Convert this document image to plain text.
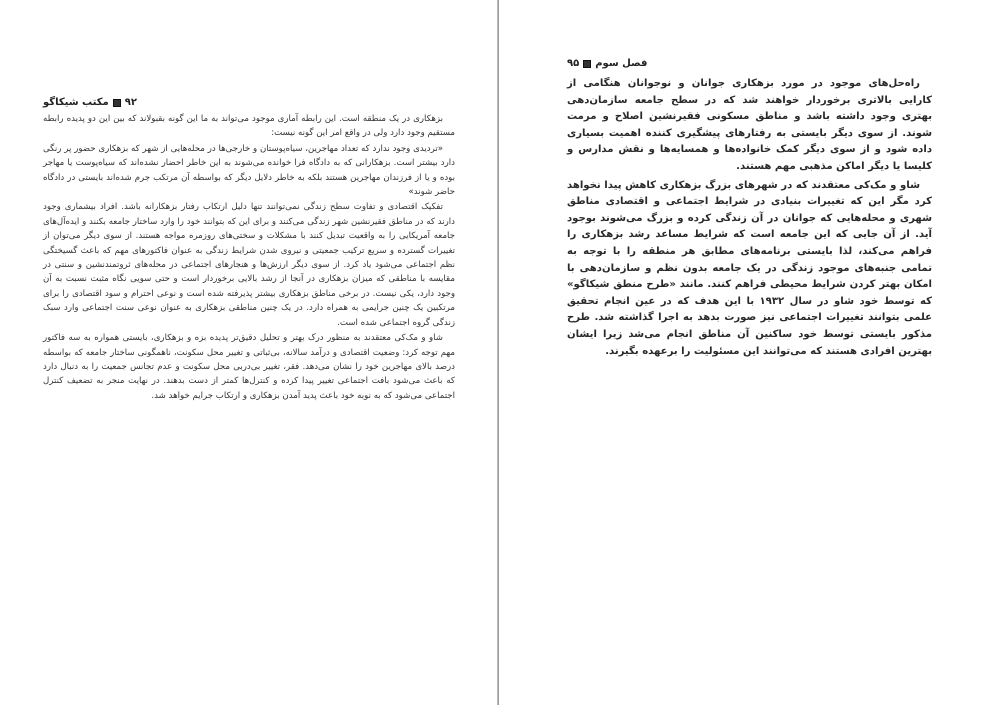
۹۲
مکتب شیکاگو

بزهکاری در یک منطقه است. این رابطه آماری موجود می‌تواند به ما این گونه بقبولاند که بین این دو پدیده رابطه مستقیم وجود دارد ولی در واقع امر این گونه نیست:

«تردیدی وجود ندارد که تعداد مهاجرین، سیاه‌پوستان و خارجی‌ها در محله‌هایی از شهر که بزهکاری حضور پر رنگی دارد بیشتر است. بزهکارانی که به دادگاه فرا خوانده می‌شوند به این خاطر احضار نشده‌اند که سیاه‌پوست یا مهاجر بوده و یا از فرزندان مهاجرین هستند بلکه به خاطر دلایل دیگر که بواسطه آن مرتکب جرم شده‌اند بایستی در دادگاه حاضر شوند»

تفکیک اقتصادی و تفاوت سطح زندگی نمی‌توانند تنها دلیل ارتکاب رفتار بزهکارانه باشد. افراد بیشماری وجود دارند که در مناطق فقیرنشین شهر زندگی می‌کنند و برای این که بتوانند خود را وارد ساختار جامعه بکنند و ایده‌آل‌های جامعه آمریکایی را به واقعیت تبدیل کنند با مشکلات و سختی‌های روزمره مواجه هستند. از سوی دیگر می‌توان از تغییرات گسترده و سریع ترکیب جمعیتی و نیروی شدن شرایط زندگی به عنوان فاکتورهای مهم که باعث گسیختگی نظم اجتماعی می‌شود یاد کرد. از سوی دیگر ارزش‌ها و هنجارهای اجتماعی در محله‌های ثروتمندنشین و سنتی در مقایسه با مناطقی که میزان بزهکاری در آنجا از رشد بالایی برخوردار است و حتی سویی نگاه مثبت نسبت به آن وجود دارد، یکی نیست. در برخی مناطق بزهکاری بیشتر پذیرفته شده است و نوعی احترام و سود اقتصادی را برای مرتکبین یک چنین جرایمی به همراه دارد. در یک چنین مناطقی بزهکاری به عنوان نوعی سنت اجتماعی وارد سبک زندگی گروه اجتماعی شده است.

شاو و مک‌کی معتقدند به منظور درک بهتر و تحلیل دقیق‌تر پدیده بزه و بزهکاری، بایستی همواره به سه فاکتور مهم توجه کرد: وضعیت اقتصادی و درآمد سالانه، بی‌ثباتی و تغییر محل سکونت، ناهمگونی ساختار جامعه که بواسطه درصد بالای مهاجرین خود را نشان می‌دهد. فقر، تغییر بی‌دربی محل سکونت و عدم تجانس جمعیت را به دنبال دارد که باعث می‌شود بافت اجتماعی تغییر پیدا کرده و کنترل‌ها کمتر از دست بدهند. در نهایت منجر به تضعیف کنترل اجتماعی می‌شود که به نوبه خود باعث پدید آمدن بزهکاری و ارتکاب جرایم خواهد شد.

فصل سوم
۹۵

راه‌حل‌های موجود در مورد بزهکاری جوانان و نوجوانان هنگامی از کارایی بالاتری برخوردار خواهند شد که در سطح جامعه سازمان‌دهی بهتری وجود داشته باشد و مناطق مسکونی فقیرنشین اصلاح و مرمت شوند. از سوی دیگر بایستی به رفتارهای پیشگیری کننده اهمیت بسیاری داده شود و از سوی دیگر کمک خانواده‌ها و همسایه‌ها و نقش مدارس و کلیسا یا دیگر اماکن مذهبی مهم هستند.

شاو و مک‌کی معتقدند که در شهرهای بزرگ بزهکاری کاهش پیدا نخواهد کرد مگر این که تغییرات بنیادی در شرایط اجتماعی و اقتصادی مناطق شهری و محله‌هایی که جوانان در آن زندگی کرده و بزرگ می‌شوند بوجود آید. از آن جایی که این جامعه است که شرایط مساعد رشد بزهکاری را فراهم می‌کند، لذا بایستی برنامه‌های مطابق هر منطقه را با توجه به تمامی جنبه‌های موجود زندگی در یک جامعه بدون نظم و سازمان‌دهی با امکان بهتر کردن شرایط محیطی فراهم کنند. مانند «طرح منطق شیکاگو» که توسط خود شاو در سال ۱۹۳۲ با این هدف که در عین انجام تحقیق علمی بتوانند تغییرات اجتماعی نیز صورت بدهد به اجرا گذاشته شد. طرح مذکور بایستی توسط خود ساکنین آن مناطق انجام می‌شد زیرا ایشان بهترین افرادی هستند که می‌توانند این مسئولیت را برعهده بگیرند.
